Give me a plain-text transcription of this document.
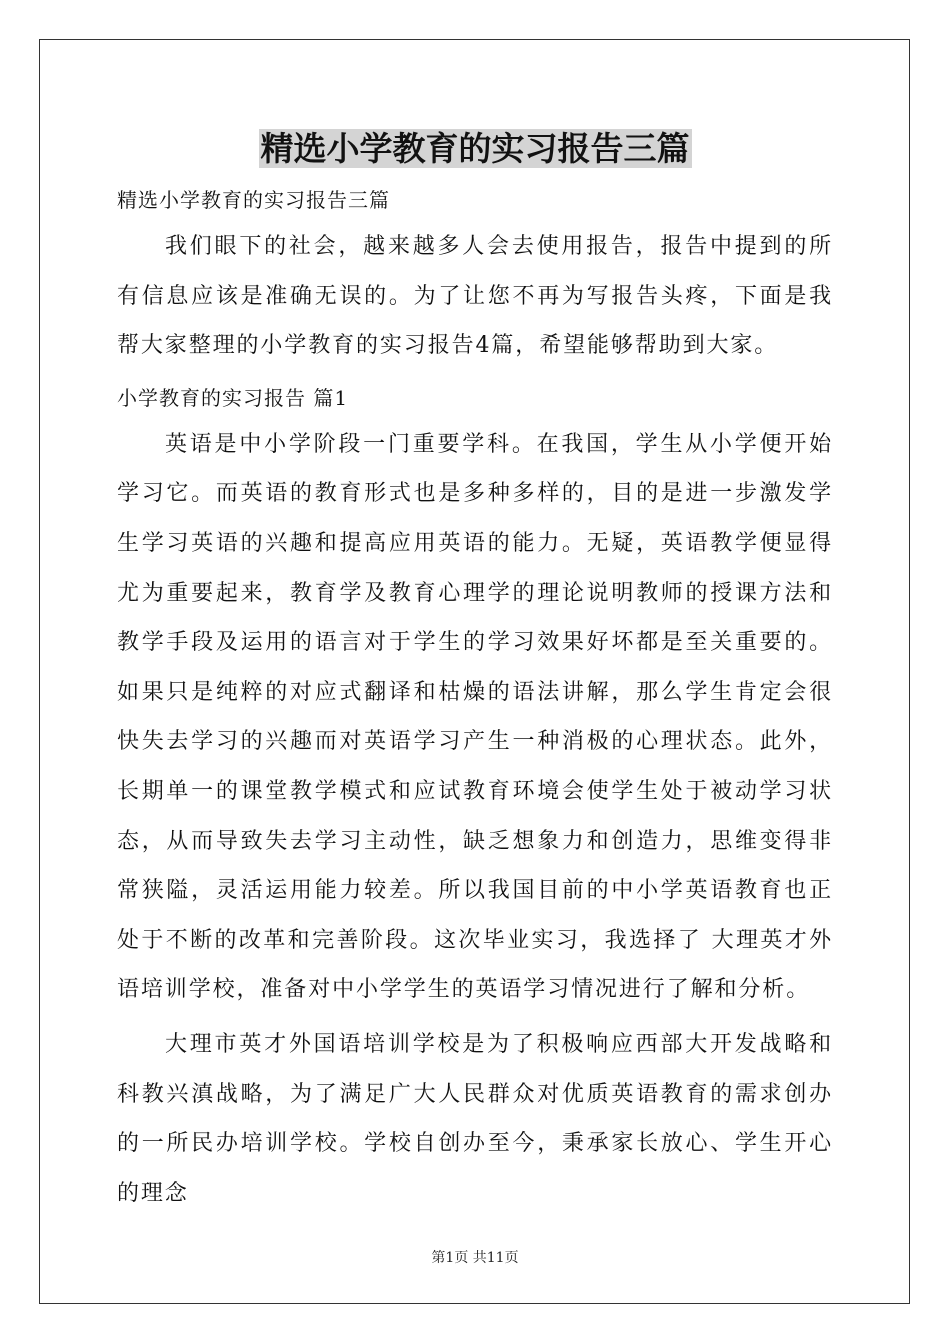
精选小学教育的实习报告三篇

精选小学教育的实习报告三篇

我们眼下的社会，越来越多人会去使用报告，报告中提到的所有信息应该是准确无误的。为了让您不再为写报告头疼，下面是我帮大家整理的小学教育的实习报告4篇，希望能够帮助到大家。

小学教育的实习报告 篇1

英语是中小学阶段一门重要学科。在我国，学生从小学便开始学习它。而英语的教育形式也是多种多样的，目的是进一步激发学生学习英语的兴趣和提高应用英语的能力。无疑，英语教学便显得尤为重要起来，教育学及教育心理学的理论说明教师的授课方法和教学手段及运用的语言对于学生的学习效果好坏都是至关重要的。如果只是纯粹的对应式翻译和枯燥的语法讲解，那么学生肯定会很快失去学习的兴趣而对英语学习产生一种消极的心理状态。此外，长期单一的课堂教学模式和应试教育环境会使学生处于被动学习状态，从而导致失去学习主动性，缺乏想象力和创造力，思维变得非常狭隘，灵活运用能力较差。所以我国目前的中小学英语教育也正处于不断的改革和完善阶段。这次毕业实习，我选择了 大理英才外语培训学校，准备对中小学学生的英语学习情况进行了解和分析。

大理市英才外国语培训学校是为了积极响应西部大开发战略和科教兴滇战略，为了满足广大人民群众对优质英语教育的需求创办的一所民办培训学校。学校自创办至今，秉承家长放心、学生开心的理念

第1页 共11页
